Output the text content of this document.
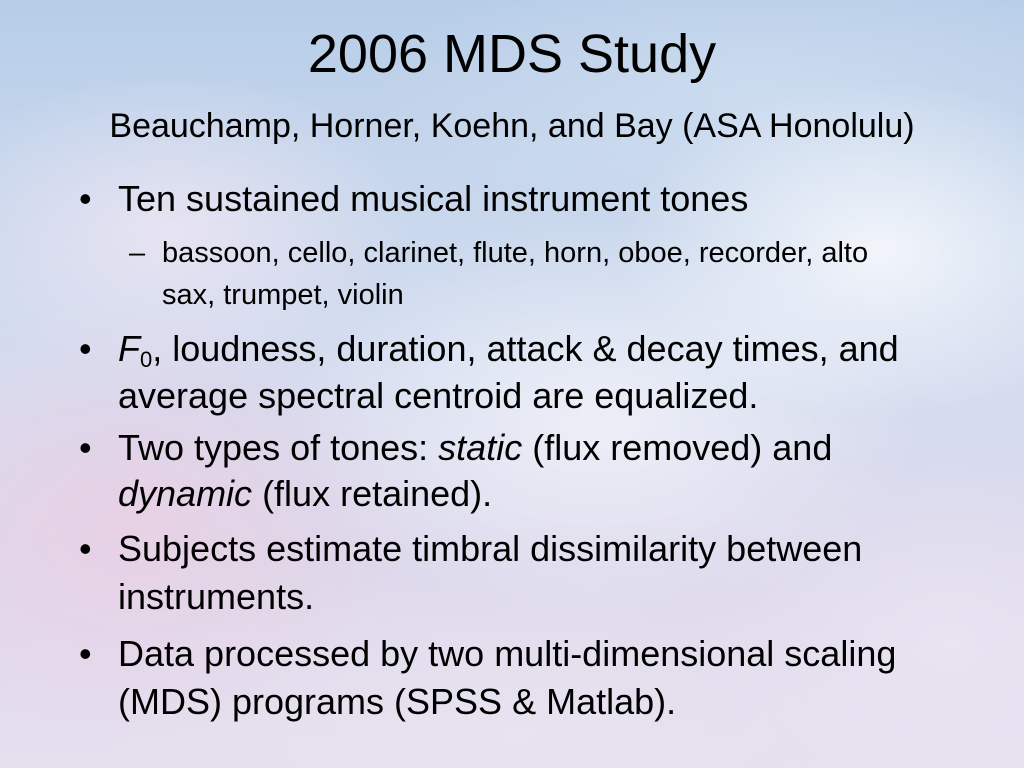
2006 MDS Study
Beauchamp, Horner, Koehn, and Bay (ASA Honolulu)
• Ten sustained musical instrument tones
– bassoon, cello, clarinet, flute, horn, oboe, recorder, alto
sax, trumpet, violin
• $F_0$, loudness, duration, attack & decay times, and
average spectral centroid are equalized.
• Two types of tones: static (flux removed) and
dynamic (flux retained).
• Subjects estimate timbral dissimilarity between
instruments.
• Data processed by two multi-dimensional scaling
(MDS) programs (SPSS & Matlab).
